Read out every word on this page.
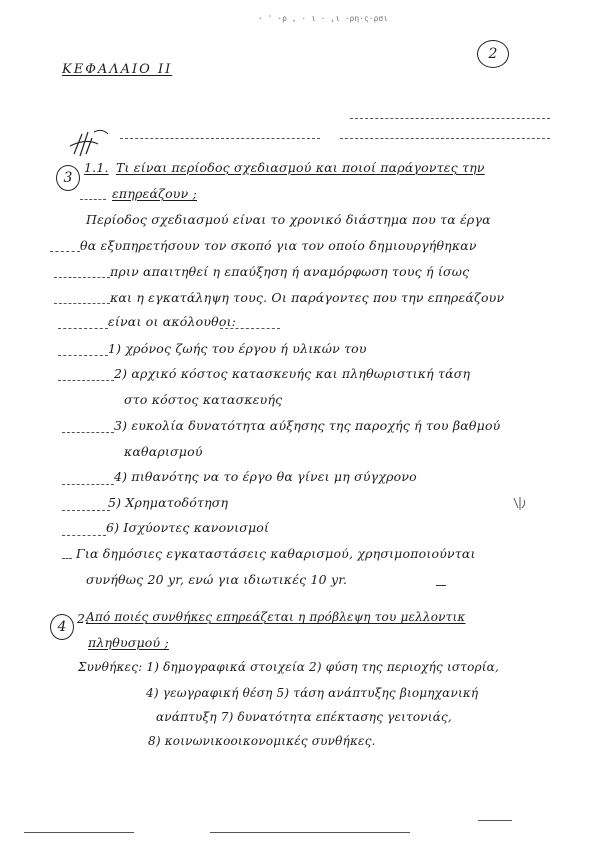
· ' ·ρ , · ι · ,ι ·ρη·ς·ρσι
2
ΚΕΦΑΛΑΙΟ ΙΙ
3
1.1. Τι είναι περίοδος σχεδιασμού και ποιοί παράγοντες την
επηρεάζουν ;
Περίοδος σχεδιασμού είναι το χρονικό διάστημα που τα έργα
θα εξυπηρετήσουν τον σκοπό για τον οποίο δημιουργήθηκαν
πριν απαιτηθεί η επαύξηση ή αναμόρφωση τους ή ίσως
και η εγκατάληψη τους. Οι παράγοντες που την επηρεάζουν
είναι οι ακόλουθοι:
1) χρόνος ζωής του έργου ή υλικών του
2) αρχικό κόστος κατασκευής και πληθωριστική τάση
στο κόστος κατασκευής
3) ευκολία δυνατότητα αύξησης της παροχής ή του βαθμού
καθαρισμού
4) πιθανότης να το έργο θα γίνει μη σύγχρονο
5) Χρηματοδότηση
6) Ισχύοντες κανονισμοί
Για δημόσιες εγκαταστάσεις καθαρισμού, χρησιμοποιούνται
συνήθως 20 yr, ενώ για ιδιωτικές 10 yr.
4
2.
Από ποιές συνθήκες επηρεάζεται η πρόβλεψη του μελλοντικ
πληθυσμού ;
Συνθήκες: 1) δημογραφικά στοιχεία 2) φύση της περιοχής ιστορία,
4) γεωγραφική θέση 5) τάση ανάπτυξης βιομηχανική
ανάπτυξη 7) δυνατότητα επέκτασης γειτονιάς,
8) κοινωνικοοικονομικές συνθήκες.
